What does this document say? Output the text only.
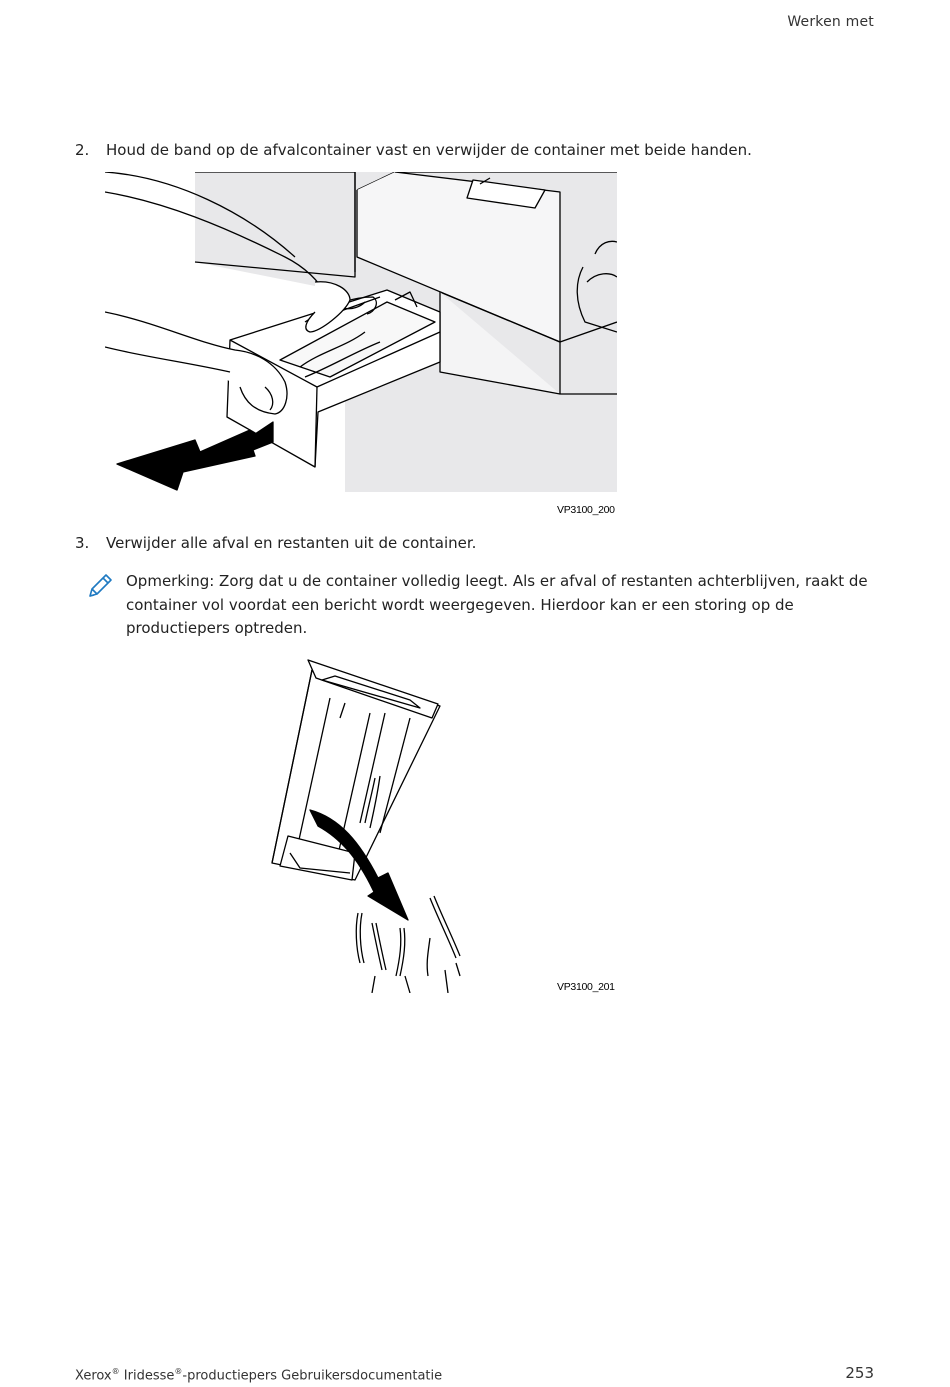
Werken met
2.	Houd de band op de afvalcontainer vast en verwijder de container met beide handen.
VP3100_200
3.	Verwijder alle afval en restanten uit de container.
Opmerking: Zorg dat u de container volledig leegt. Als er afval of restanten achterblijven, raakt de container vol voordat een bericht wordt weergegeven. Hierdoor kan er een storing op de productiepers optreden.
VP3100_201
Xerox® Iridesse®-productiepers Gebruikersdocumentatie	253
